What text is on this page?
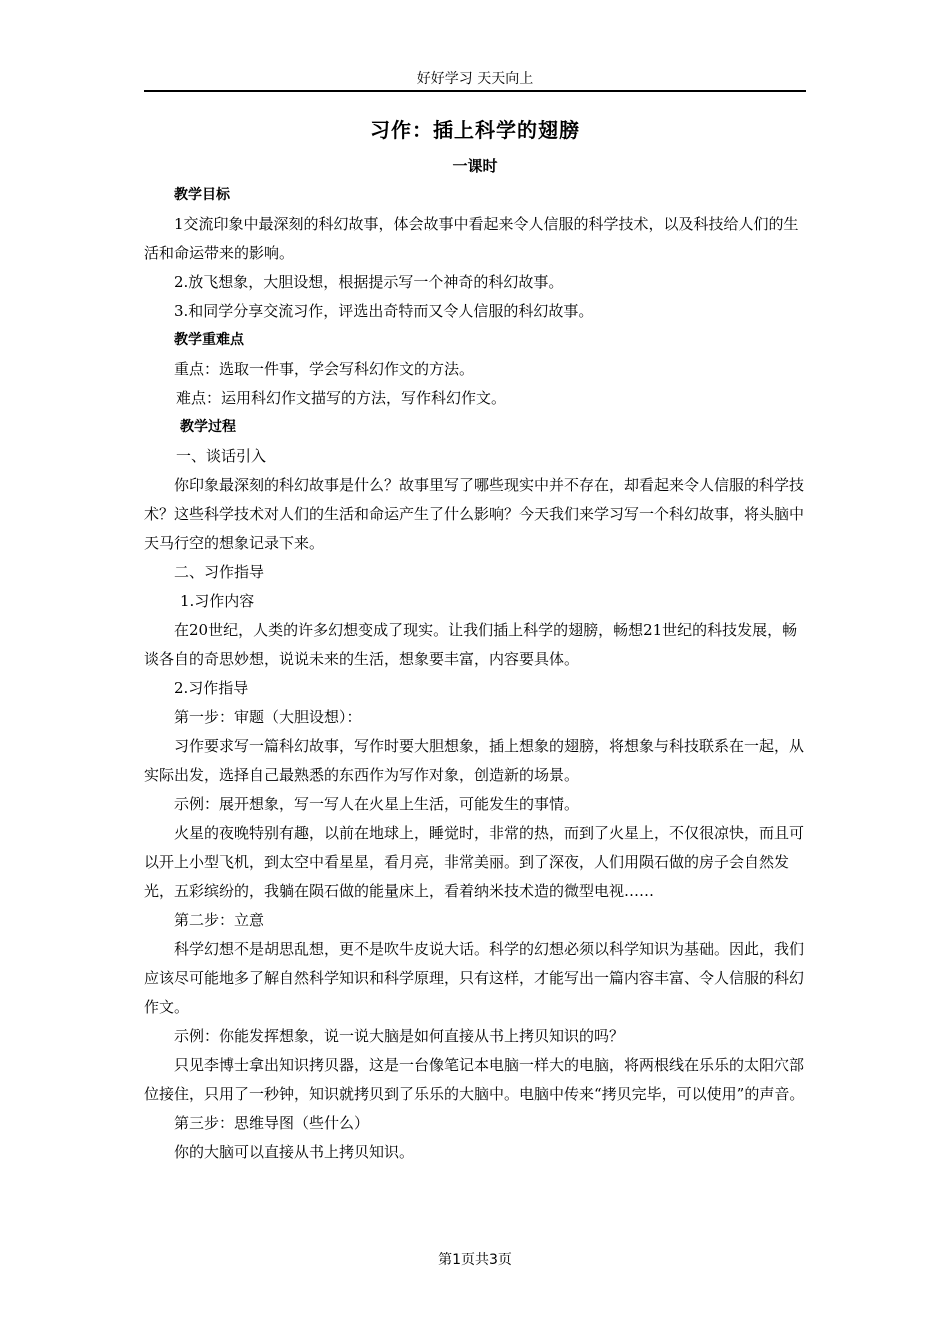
好好学习 天天向上
习作：插上科学的翅膀
一课时

教学目标

1交流印象中最深刻的科幻故事，体会故事中看起来令人信服的科学技术，以及科技给人们的生活和命运带来的影响。

2.放飞想象，大胆设想，根据提示写一个神奇的科幻故事。

3.和同学分享交流习作，评选出奇特而又令人信服的科幻故事。

教学重难点

重点：选取一件事，学会写科幻作文的方法。

难点：运用科幻作文描写的方法，写作科幻作文。

教学过程

一、谈话引入

你印象最深刻的科幻故事是什么？故事里写了哪些现实中并不存在，却看起来令人信服的科学技术？这些科学技术对人们的生活和命运产生了什么影响？今天我们来学习写一个科幻故事，将头脑中天马行空的想象记录下来。

二、习作指导

1.习作内容

在20世纪，人类的许多幻想变成了现实。让我们插上科学的翅膀，畅想21世纪的科技发展，畅谈各自的奇思妙想，说说未来的生活，想象要丰富，内容要具体。

2.习作指导

第一步：审题（大胆设想）：

习作要求写一篇科幻故事，写作时要大胆想象，插上想象的翅膀，将想象与科技联系在一起，从实际出发，选择自己最熟悉的东西作为写作对象，创造新的场景。

示例：展开想象，写一写人在火星上生活，可能发生的事情。

火星的夜晚特别有趣，以前在地球上，睡觉时，非常的热，而到了火星上，不仅很凉快，而且可以开上小型飞机，到太空中看星星，看月亮，非常美丽。到了深夜，人们用陨石做的房子会自然发光，五彩缤纷的，我躺在陨石做的能量床上，看着纳米技术造的微型电视……

第二步：立意

科学幻想不是胡思乱想，更不是吹牛皮说大话。科学的幻想必须以科学知识为基础。因此，我们应该尽可能地多了解自然科学知识和科学原理，只有这样，才能写出一篇内容丰富、令人信服的科幻作文。

示例：你能发挥想象，说一说大脑是如何直接从书上拷贝知识的吗？

只见李博士拿出知识拷贝器，这是一台像笔记本电脑一样大的电脑，将两根线在乐乐的太阳穴部位接住，只用了一秒钟，知识就拷贝到了乐乐的大脑中。电脑中传来“拷贝完毕，可以使用”的声音。

第三步：思维导图（些什么）

你的大脑可以直接从书上拷贝知识。

第1页共3页
